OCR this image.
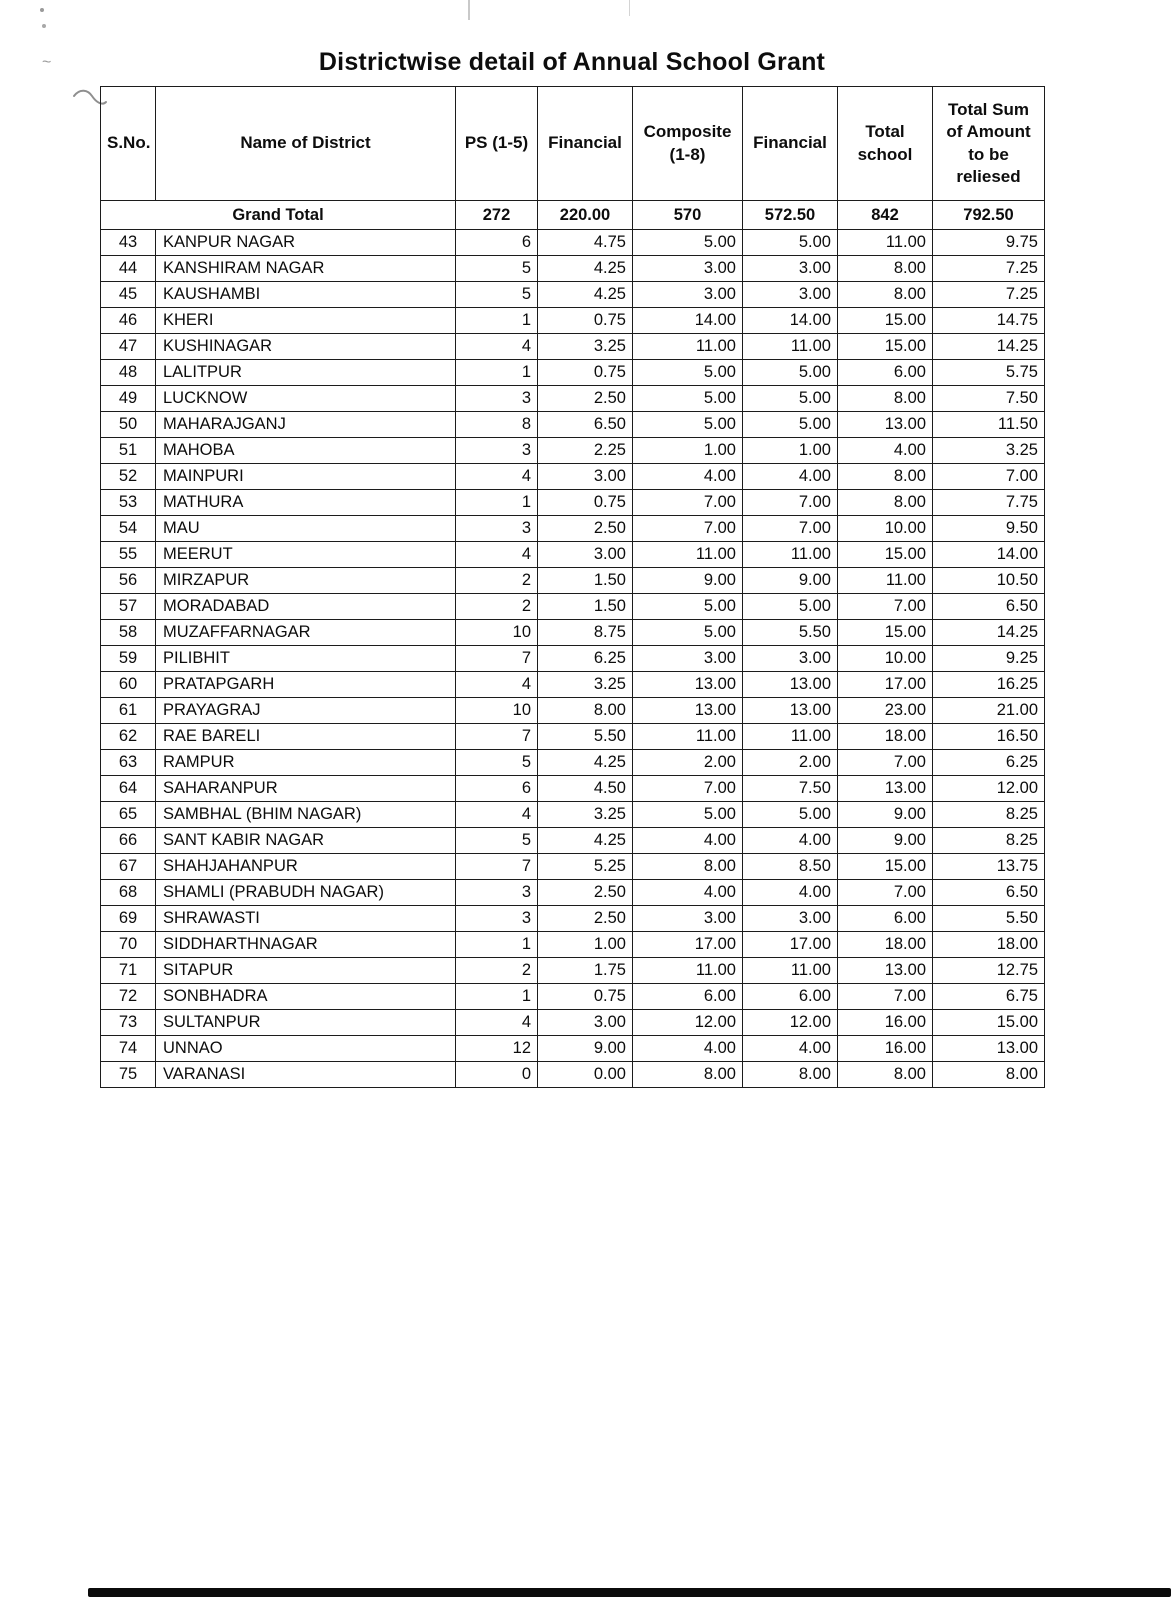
~	Districtwise detail of Annual School Grant
S.No.	Name of District	PS (1-5)	Financial	Composite (1-8)	Financial	Total school	Total Sum of Amount to be reliesed
Grand Total		272	220.00	570	572.50	842	792.50
43	KANPUR NAGAR	6	4.75	5.00	5.00	11.00	9.75
44	KANSHIRAM NAGAR	5	4.25	3.00	3.00	8.00	7.25
45	KAUSHAMBI	5	4.25	3.00	3.00	8.00	7.25
46	KHERI	1	0.75	14.00	14.00	15.00	14.75
47	KUSHINAGAR	4	3.25	11.00	11.00	15.00	14.25
48	LALITPUR	1	0.75	5.00	5.00	6.00	5.75
49	LUCKNOW	3	2.50	5.00	5.00	8.00	7.50
50	MAHARAJGANJ	8	6.50	5.00	5.00	13.00	11.50
51	MAHOBA	3	2.25	1.00	1.00	4.00	3.25
52	MAINPURI	4	3.00	4.00	4.00	8.00	7.00
53	MATHURA	1	0.75	7.00	7.00	8.00	7.75
54	MAU	3	2.50	7.00	7.00	10.00	9.50
55	MEERUT	4	3.00	11.00	11.00	15.00	14.00
56	MIRZAPUR	2	1.50	9.00	9.00	11.00	10.50
57	MORADABAD	2	1.50	5.00	5.00	7.00	6.50
58	MUZAFFARNAGAR	10	8.75	5.00	5.50	15.00	14.25
59	PILIBHIT	7	6.25	3.00	3.00	10.00	9.25
60	PRATAPGARH	4	3.25	13.00	13.00	17.00	16.25
61	PRAYAGRAJ	10	8.00	13.00	13.00	23.00	21.00
62	RAE BARELI	7	5.50	11.00	11.00	18.00	16.50
63	RAMPUR	5	4.25	2.00	2.00	7.00	6.25
64	SAHARANPUR	6	4.50	7.00	7.50	13.00	12.00
65	SAMBHAL (BHIM NAGAR)	4	3.25	5.00	5.00	9.00	8.25
66	SANT KABIR NAGAR	5	4.25	4.00	4.00	9.00	8.25
67	SHAHJAHANPUR	7	5.25	8.00	8.50	15.00	13.75
68	SHAMLI (PRABUDH NAGAR)	3	2.50	4.00	4.00	7.00	6.50
69	SHRAWASTI	3	2.50	3.00	3.00	6.00	5.50
70	SIDDHARTHNAGAR	1	1.00	17.00	17.00	18.00	18.00
71	SITAPUR	2	1.75	11.00	11.00	13.00	12.75
72	SONBHADRA	1	0.75	6.00	6.00	7.00	6.75
73	SULTANPUR	4	3.00	12.00	12.00	16.00	15.00
74	UNNAO	12	9.00	4.00	4.00	16.00	13.00
75	VARANASI	0	0.00	8.00	8.00	8.00	8.00
